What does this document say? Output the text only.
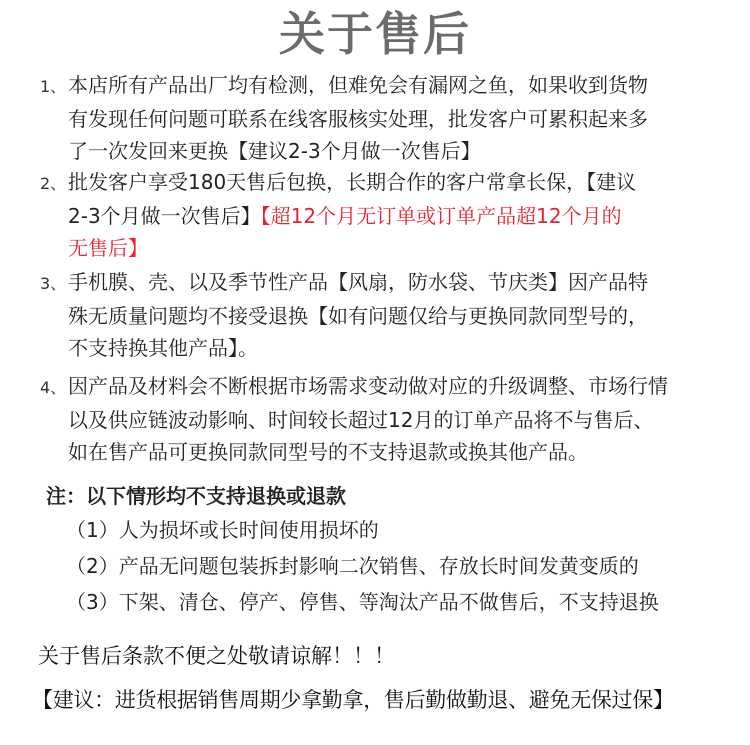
关于售后
1、本店所有产品出厂均有检测，但难免会有漏网之鱼，如果收到货物
有发现任何问题可联系在线客服核实处理，批发客户可累积起来多
了一次发回来更换【建议2-3个月做一次售后】
2、批发客户享受180天售后包换，长期合作的客户常拿长保，【建议
2-3个月做一次售后】【超12个月无订单或订单产品超12个月的
无售后】
3、手机膜、壳、以及季节性产品【风扇，防水袋、节庆类】因产品特
殊无质量问题均不接受退换【如有问题仅给与更换同款同型号的，
不支持换其他产品】。
4、因产品及材料会不断根据市场需求变动做对应的升级调整、市场行情
以及供应链波动影响、时间较长超过12月的订单产品将不与售后、
如在售产品可更换同款同型号的不支持退款或换其他产品。
注：以下情形均不支持退换或退款
（1）人为损坏或长时间使用损坏的
（2）产品无问题包装拆封影响二次销售、存放长时间发黄变质的
（3）下架、清仓、停产、停售、等淘汰产品不做售后，不支持退换
关于售后条款不便之处敬请谅解！！！
【建议：进货根据销售周期少拿勤拿，售后勤做勤退、避免无保过保】
